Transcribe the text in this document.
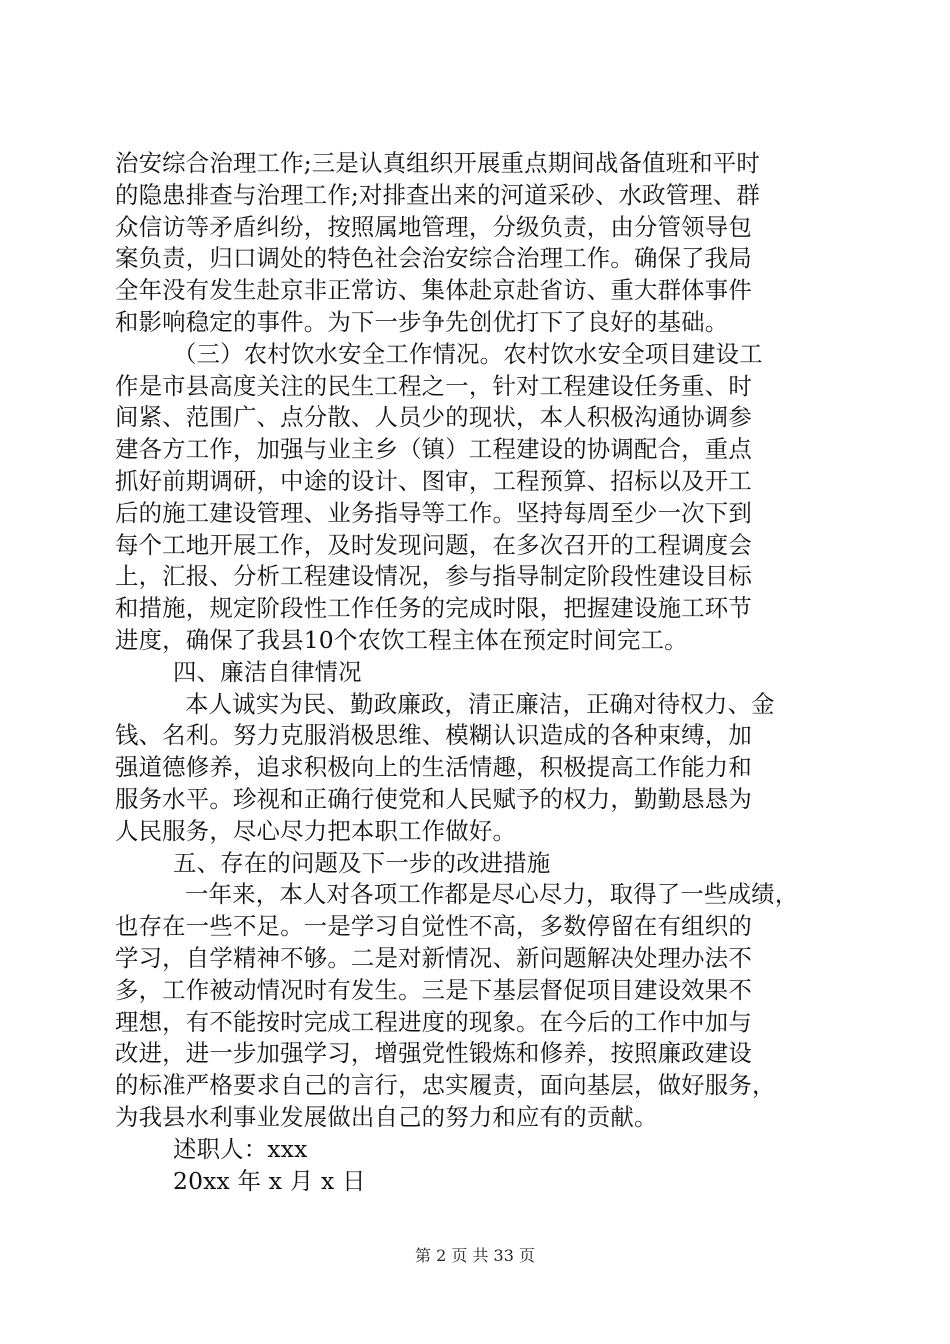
治安综合治理工作;三是认真组织开展重点期间战备值班和平时
的隐患排查与治理工作;对排查出来的河道采砂、水政管理、群
众信访等矛盾纠纷，按照属地管理，分级负责，由分管领导包
案负责，归口调处的特色社会治安综合治理工作。确保了我局
全年没有发生赴京非正常访、集体赴京赴省访、重大群体事件
和影响稳定的事件。为下一步争先创优打下了良好的基础。
（三）农村饮水安全工作情况。农村饮水安全项目建设工
作是市县高度关注的民生工程之一，针对工程建设任务重、时
间紧、范围广、点分散、人员少的现状，本人积极沟通协调参
建各方工作，加强与业主乡（镇）工程建设的协调配合，重点
抓好前期调研，中途的设计、图审，工程预算、招标以及开工
后的施工建设管理、业务指导等工作。坚持每周至少一次下到
每个工地开展工作，及时发现问题，在多次召开的工程调度会
上，汇报、分析工程建设情况，参与指导制定阶段性建设目标
和措施，规定阶段性工作任务的完成时限，把握建设施工环节
进度，确保了我县10个农饮工程主体在预定时间完工。
四、廉洁自律情况
本人诚实为民、勤政廉政，清正廉洁，正确对待权力、金
钱、名利。努力克服消极思维、模糊认识造成的各种束缚，加
强道德修养，追求积极向上的生活情趣，积极提高工作能力和
服务水平。珍视和正确行使党和人民赋予的权力，勤勤恳恳为
人民服务，尽心尽力把本职工作做好。
五、存在的问题及下一步的改进措施
一年来，本人对各项工作都是尽心尽力，取得了一些成绩，
也存在一些不足。一是学习自觉性不高，多数停留在有组织的
学习，自学精神不够。二是对新情况、新问题解决处理办法不
多，工作被动情况时有发生。三是下基层督促项目建设效果不
理想，有不能按时完成工程进度的现象。在今后的工作中加与
改进，进一步加强学习，增强党性锻炼和修养，按照廉政建设
的标准严格要求自己的言行，忠实履责，面向基层，做好服务，
为我县水利事业发展做出自己的努力和应有的贡献。
述职人：xxx
20xx 年 x 月 x 日
第 2 页 共 33 页
